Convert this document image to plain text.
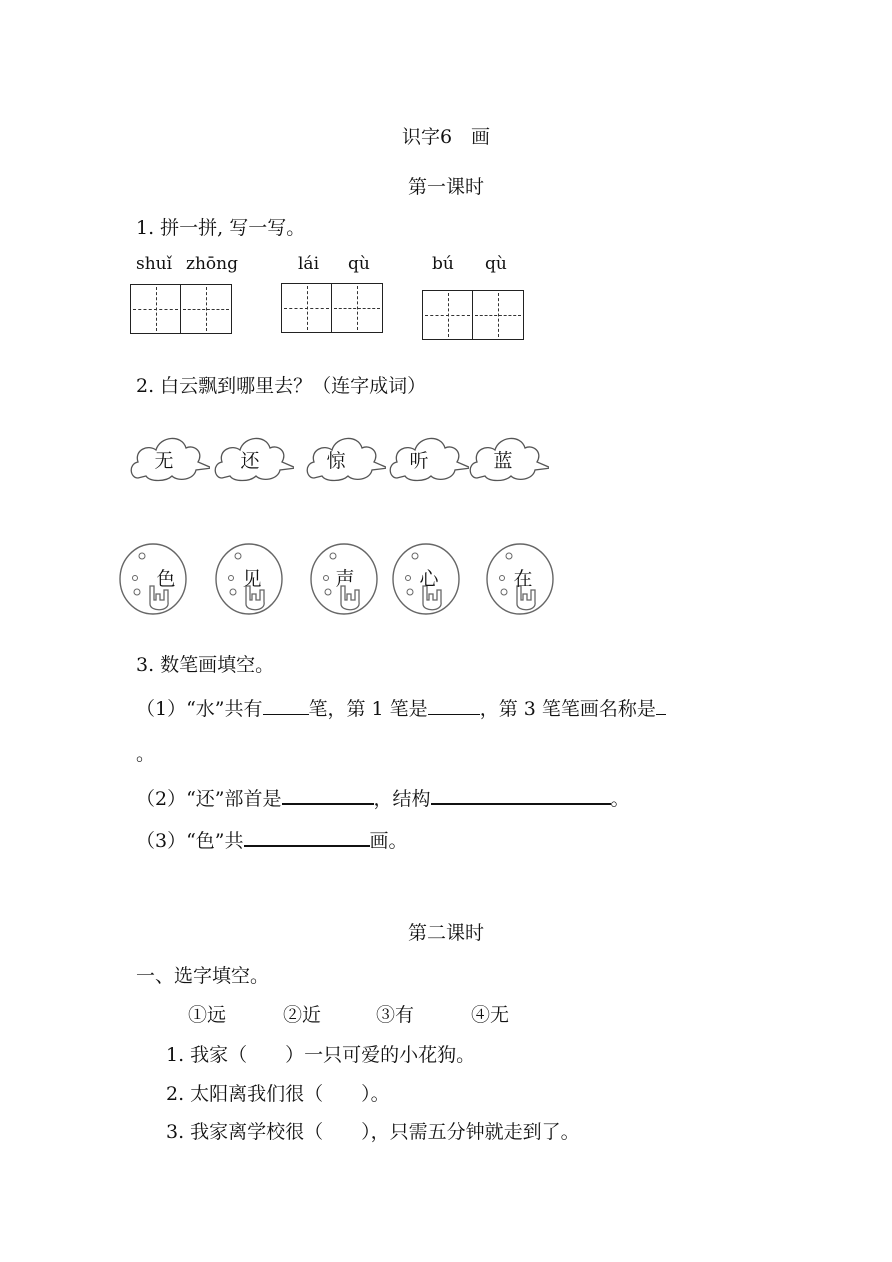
识字6　画
第一课时
1. 拼一拼, 写一写。
shuǐ zhōng	lái qù	bú qù
2. 白云飘到哪里去？（连字成词）
无	还	惊	听	蓝
色	见	声	心	在
3. 数笔画填空。
（1）“水”共有 笔，第 1 笔是	，第 3 笔笔画名称是
。
（2）“还”部首是	，结构	。
（3）“色”共	画。
第二课时
一、选字填空。
①远	②近	③有	④无
1. 我家（　　）一只可爱的小花狗。
2. 太阳离我们很（　　）。
3. 我家离学校很（　　），只需五分钟就走到了。
